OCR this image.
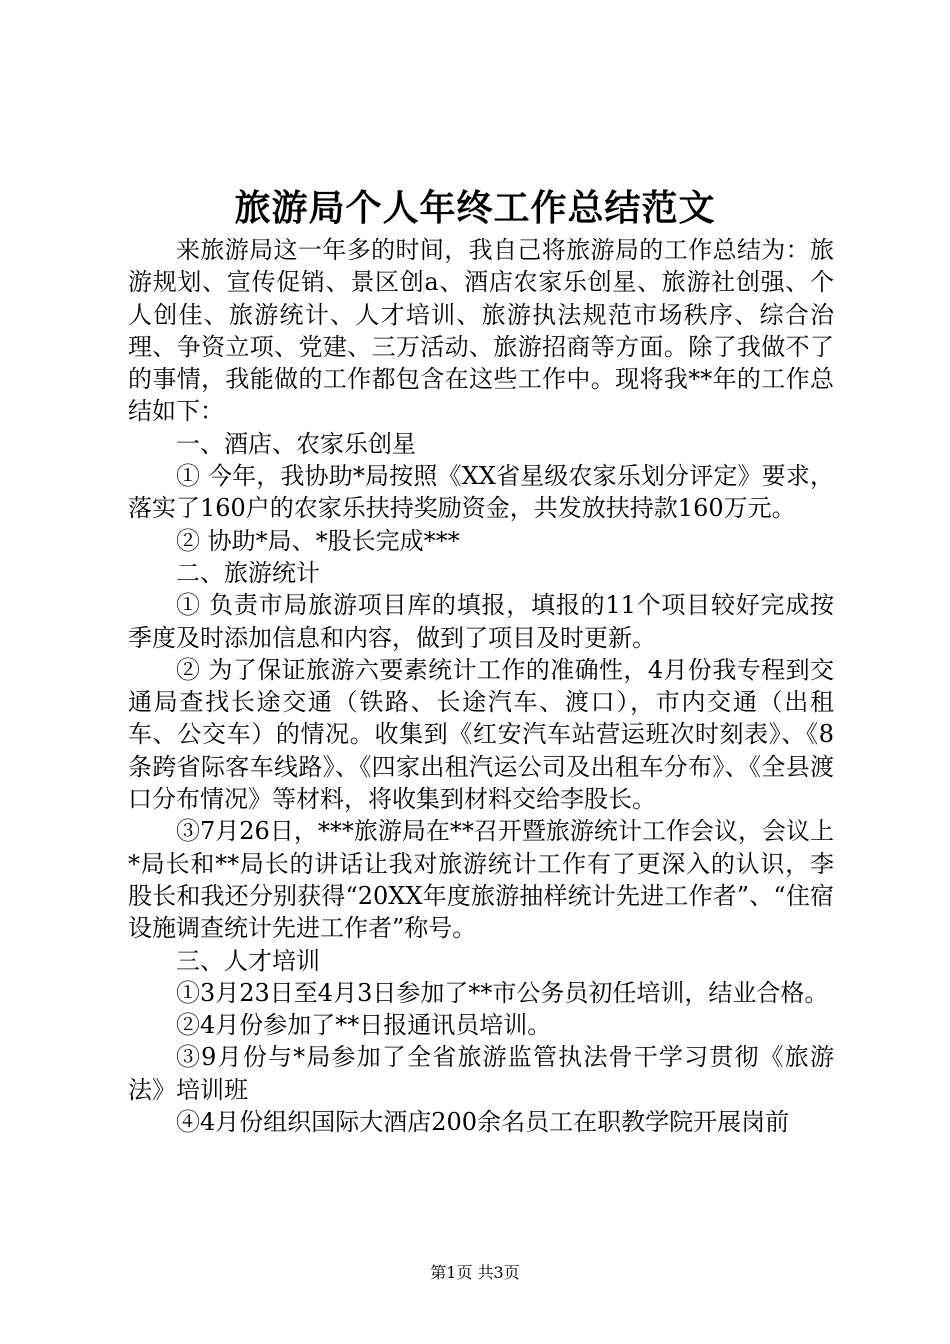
旅游局个人年终工作总结范文

来旅游局这一年多的时间，我自己将旅游局的工作总结为：旅游规划、宣传促销、景区创a、酒店农家乐创星、旅游社创强、个人创佳、旅游统计、人才培训、旅游执法规范市场秩序、综合治理、争资立项、党建、三万活动、旅游招商等方面。除了我做不了的事情，我能做的工作都包含在这些工作中。现将我**年的工作总结如下：

一、酒店、农家乐创星

① 今年，我协助*局按照《XX省星级农家乐划分评定》要求，落实了160户的农家乐扶持奖励资金，共发放扶持款160万元。

② 协助*局、*股长完成***

二、旅游统计

① 负责市局旅游项目库的填报，填报的11个项目较好完成按季度及时添加信息和内容，做到了项目及时更新。

② 为了保证旅游六要素统计工作的准确性，4月份我专程到交通局查找长途交通（铁路、长途汽车、渡口），市内交通（出租车、公交车）的情况。收集到《红安汽车站营运班次时刻表》、《8条跨省际客车线路》、《四家出租汽运公司及出租车分布》、《全县渡口分布情况》等材料，将收集到材料交给李股长。

③7月26日，***旅游局在**召开暨旅游统计工作会议，会议上*局长和**局长的讲话让我对旅游统计工作有了更深入的认识，李股长和我还分别获得“20XX年度旅游抽样统计先进工作者”、“住宿设施调查统计先进工作者”称号。

三、人才培训

①3月23日至4月3日参加了**市公务员初任培训，结业合格。

②4月份参加了**日报通讯员培训。

③9月份与*局参加了全省旅游监管执法骨干学习贯彻《旅游法》培训班

④4月份组织国际大酒店200余名员工在职教学院开展岗前

第1页 共3页
